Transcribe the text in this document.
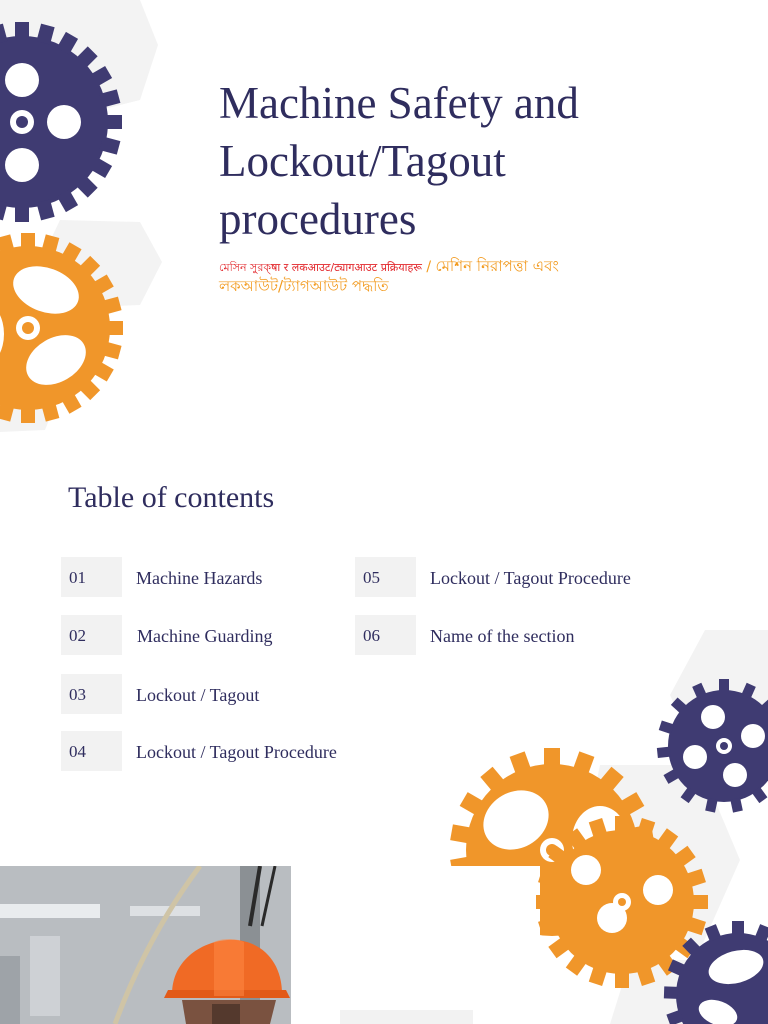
Machine Safety and
Lockout/Tagout
procedures
মেসিন সুরক্षा र लकआउट/ट्यागआउट प्रक्रियाहरू / মেশিন নিরাপত্তা এবং লকআউট/ট্যাগআউট পদ্ধতি
Table of contents
01	Machine Hazards
02	Machine Guarding
03	Lockout / Tagout
04	Lockout / Tagout Procedure
05	Lockout / Tagout Procedure
06	Name of the section
